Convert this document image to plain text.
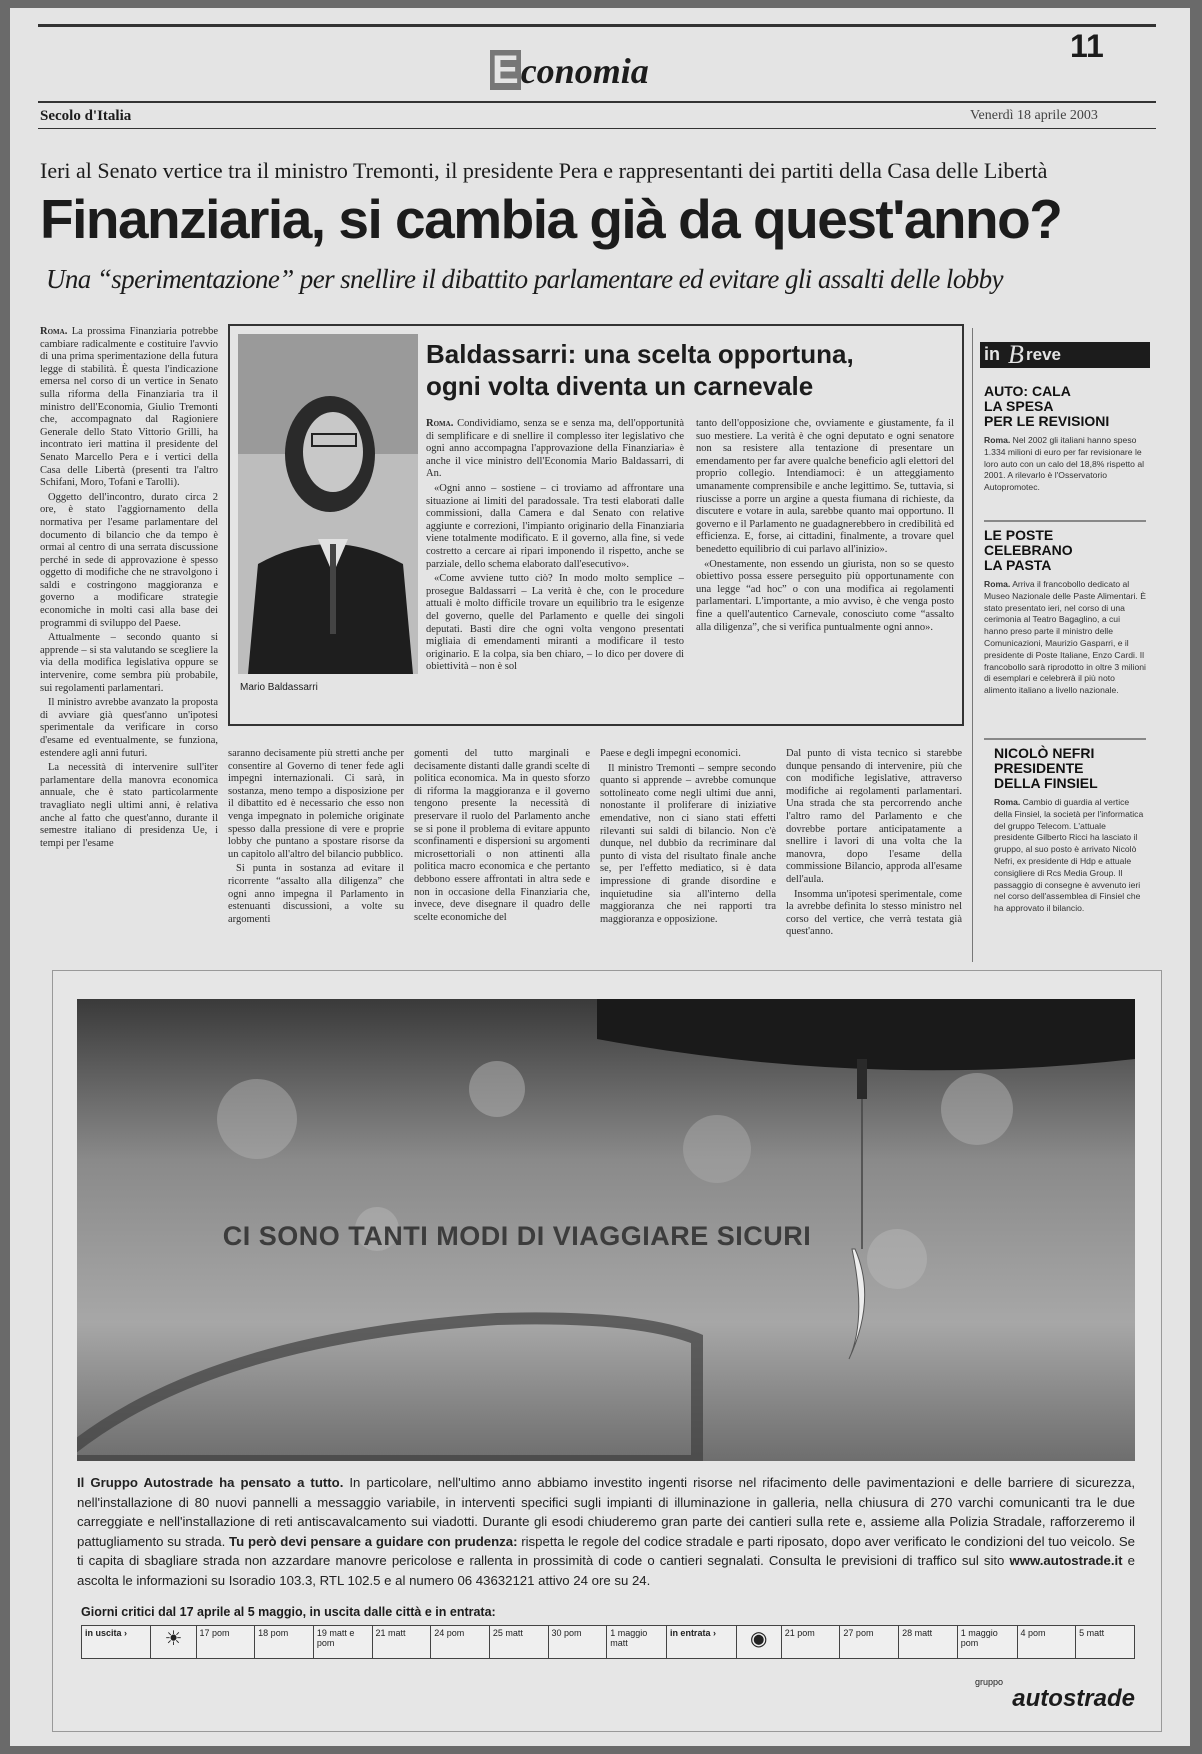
11
Economia
Secolo d'Italia	Venerdì 18 aprile 2003
Ieri al Senato vertice tra il ministro Tremonti, il presidente Pera e rappresentanti dei partiti della Casa delle Libertà
Finanziaria, si cambia già da quest'anno?
Una “sperimentazione” per snellire il dibattito parlamentare ed evitare gli assalti delle lobby

Roma. La prossima Finanziaria potrebbe cambiare radicalmente e costituire l'avvio di una prima sperimentazione della futura legge di stabilità. È questa l'indicazione emersa nel corso di un vertice in Senato sulla riforma della Finanziaria tra il ministro dell'Economia, Giulio Tremonti che, accompagnato dal Ragioniere Generale dello Stato Vittorio Grilli, ha incontrato ieri mattina il presidente del Senato Marcello Pera e i vertici della Casa delle Libertà (presenti tra l'altro Schifani, Moro, Tofani e Tarolli).

Oggetto dell'incontro, durato circa 2 ore, è stato l'aggiornamento della normativa per l'esame parlamentare del documento di bilancio che da tempo è ormai al centro di una serrata discussione perché in sede di approvazione è spesso oggetto di modifiche che ne stravolgono i saldi e costringono maggioranza e governo a modificare strategie economiche in molti casi alla base dei programmi di sviluppo del Paese.

Attualmente – secondo quanto si apprende – si sta valutando se scegliere la via della modifica legislativa oppure se intervenire, come sembra più probabile, sui regolamenti parlamentari.

Il ministro avrebbe avanzato la proposta di avviare già quest'anno un'ipotesi sperimentale da verificare in corso d'esame ed eventualmente, se funziona, estendere agli anni futuri.

La necessità di intervenire sull'iter parlamentare della manovra economica annuale, che è stato particolarmente travagliato negli ultimi anni, è relativa anche al fatto che quest'anno, durante il semestre italiano di presidenza Ue, i tempi per l'esame

Mario Baldassarri
Baldassarri: una scelta opportuna,
ogni volta diventa un carnevale

Roma. Condividiamo, senza se e senza ma, dell'opportunità di semplificare e di snellire il complesso iter legislativo che ogni anno accompagna l'approvazione della Finanziaria» è anche il vice ministro dell'Economia Mario Baldassarri, di An.

«Ogni anno – sostiene – ci troviamo ad affrontare una situazione ai limiti del paradossale. Tra testi elaborati dalle commissioni, dalla Camera e dal Senato con relative aggiunte e correzioni, l'impianto originario della Finanziaria viene totalmente modificato. E il governo, alla fine, si vede costretto a cercare ai ripari imponendo il rispetto, anche se parziale, dello schema elaborato dall'esecutivo».

«Come avviene tutto ciò? In modo molto semplice – prosegue Baldassarri – La verità è che, con le procedure attuali è molto difficile trovare un equilibrio tra le esigenze del governo, quelle del Parlamento e quelle dei singoli deputati. Basti dire che ogni volta vengono presentati migliaia di emendamenti miranti a modificare il testo originario. E la colpa, sia ben chiaro, – lo dico per dovere di obiettività – non è sol

tanto dell'opposizione che, ovviamente e giustamente, fa il suo mestiere. La verità è che ogni deputato e ogni senatore non sa resistere alla tentazione di presentare un emendamento per far avere qualche beneficio agli elettori del proprio collegio. Intendiamoci: è un atteggiamento umanamente comprensibile e anche legittimo. Se, tuttavia, si riuscisse a porre un argine a questa fiumana di richieste, da discutere e votare in aula, sarebbe quanto mai opportuno. Il governo e il Parlamento ne guadagnerebbero in credibilità ed efficienza. E, forse, ai cittadini, finalmente, a trovare quel benedetto equilibrio di cui parlavo all'inizio».

«Onestamente, non essendo un giurista, non so se questo obiettivo possa essere perseguito più opportunamente con una legge “ad hoc” o con una modifica ai regolamenti parlamentari. L'importante, a mio avviso, è che venga posto fine a quell'autentico Carnevale, conosciuto come “assalto alla diligenza”, che si verifica puntualmente ogni anno».

saranno decisamente più stretti anche per consentire al Governo di tener fede agli impegni internazionali. Ci sarà, in sostanza, meno tempo a disposizione per il dibattito ed è necessario che esso non venga impegnato in polemiche originate spesso dalla pressione di vere e proprie lobby che puntano a spostare risorse da un capitolo all'altro del bilancio pubblico.

Si punta in sostanza ad evitare il ricorrente “assalto alla diligenza” che ogni anno impegna il Parlamento in estenuanti discussioni, a volte su argomenti

gomenti del tutto marginali e decisamente distanti dalle grandi scelte di politica economica. Ma in questo sforzo di riforma la maggioranza e il governo tengono presente la necessità di preservare il ruolo del Parlamento anche se si pone il problema di evitare appunto sconfinamenti e dispersioni su argomenti microsettoriali o non attinenti alla politica macro economica e che pertanto debbono essere affrontati in altra sede e non in occasione della Finanziaria che, invece, deve disegnare il quadro delle scelte economiche del

Paese e degli impegni economici.

Il ministro Tremonti – sempre secondo quanto si apprende – avrebbe comunque sottolineato come negli ultimi due anni, nonostante il proliferare di iniziative emendative, non ci siano stati effetti rilevanti sui saldi di bilancio. Non c'è dunque, nel dubbio da recriminare dal punto di vista del risultato finale anche se, per l'effetto mediatico, si è data impressione di grande disordine e inquietudine sia all'interno della maggioranza che nei rapporti tra maggioranza e opposizione.

Dal punto di vista tecnico si starebbe dunque pensando di intervenire, più che con modifiche legislative, attraverso modifiche ai regolamenti parlamentari. Una strada che sta percorrendo anche l'altro ramo del Parlamento e che dovrebbe portare anticipatamente a snellire i lavori di una volta che la manovra, dopo l'esame della commissione Bilancio, approda all'esame dell'aula.

Insomma un'ipotesi sperimentale, come la avrebbe definita lo stesso ministro nel corso del vertice, che verrà testata già quest'anno.

in B reve
AUTO: CALA
LA SPESA
PER LE REVISIONI
Roma. Nel 2002 gli italiani hanno speso 1.334 milioni di euro per far revisionare le loro auto con un calo del 18,8% rispetto al 2001. A rilevarlo è l'Osservatorio Autopromotec.
LE POSTE
CELEBRANO
LA PASTA
Roma. Arriva il francobollo dedicato al Museo Nazionale delle Paste Alimentari. È stato presentato ieri, nel corso di una cerimonia al Teatro Bagaglino, a cui hanno preso parte il ministro delle Comunicazioni, Maurizio Gasparri, e il presidente di Poste Italiane, Enzo Cardi. Il francobollo sarà riprodotto in oltre 3 milioni di esemplari e celebrerà il più noto alimento italiano a livello nazionale.
NICOLÒ NEFRI
PRESIDENTE
DELLA FINSIEL
Roma. Cambio di guardia al vertice della Finsiel, la società per l'informatica del gruppo Telecom. L'attuale presidente Gilberto Ricci ha lasciato il gruppo, al suo posto è arrivato Nicolò Nefri, ex presidente di Hdp e attuale consigliere di Rcs Media Group. Il passaggio di consegne è avvenuto ieri nel corso dell'assemblea di Finsiel che ha approvato il bilancio.
CI SONO TANTI MODI DI VIAGGIARE SICURI
Il Gruppo Autostrade ha pensato a tutto. In particolare, nell'ultimo anno abbiamo investito ingenti risorse nel rifacimento delle pavimentazioni e delle barriere di sicurezza, nell'installazione di 80 nuovi pannelli a messaggio variabile, in interventi specifici sugli impianti di illuminazione in galleria, nella chiusura di 270 varchi comunicanti tra le due carreggiate e nell'installazione di reti antiscavalcamento sui viadotti. Durante gli esodi chiuderemo gran parte dei cantieri sulla rete e, assieme alla Polizia Stradale, rafforzeremo il pattugliamento su strada. Tu però devi pensare a guidare con prudenza: rispetta le regole del codice stradale e parti riposato, dopo aver verificato le condizioni del tuo veicolo. Se ti capita di sbagliare strada non azzardare manovre pericolose e rallenta in prossimità di code o cantieri segnalati. Consulta le previsioni di traffico sul sito www.autostrade.it e ascolta le informazioni su Isoradio 103.3, RTL 102.5 e al numero 06 43632121 attivo 24 ore su 24.
Giorni critici dal 17 aprile al 5 maggio, in uscita dalle città e in entrata:
in uscita ›	☀	17 pom	18 pom	19 matt e pom	21 matt	24 pom	25 matt	30 pom	1 maggio matt	in entrata ›	◉	21 pom	27 pom	28 matt	1 maggio pom	4 pom	5 matt
gruppo
autostrade
